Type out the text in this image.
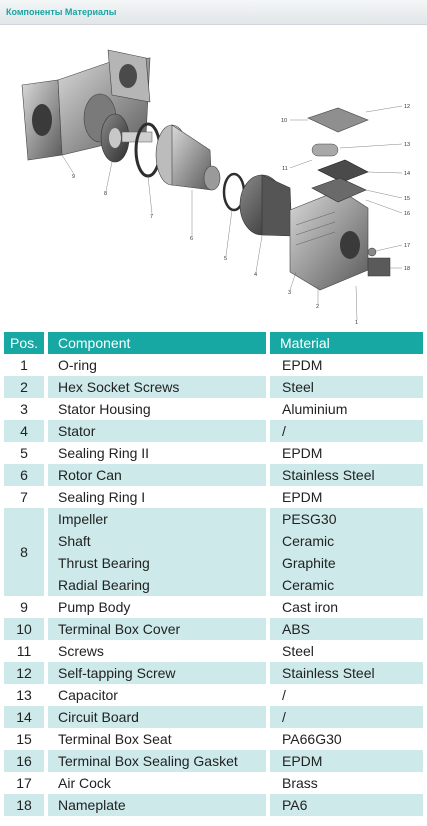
Компоненты Материалы
1
2
3
4
5
6
7
8
9
10
11
12
13
14
15
16
17
18
Pos.	Component	Material
1	O-ring	EPDM
2	Hex Socket Screws	Steel
3	Stator Housing	Aluminium
4	Stator	/
5	Sealing Ring II	EPDM
6	Rotor Can	Stainless Steel
7	Sealing Ring I	EPDM
8	Impeller	PESG30
	Shaft	Ceramic
	Thrust Bearing	Graphite
	Radial Bearing	Ceramic
9	Pump Body	Cast iron
10	Terminal Box Cover	ABS
11	Screws	Steel
12	Self-tapping Screw	Stainless Steel
13	Capacitor	/
14	Circuit Board	/
15	Terminal Box Seat	PA66G30
16	Terminal Box Sealing Gasket	EPDM
17	Air Cock	Brass
18	Nameplate	PA6
